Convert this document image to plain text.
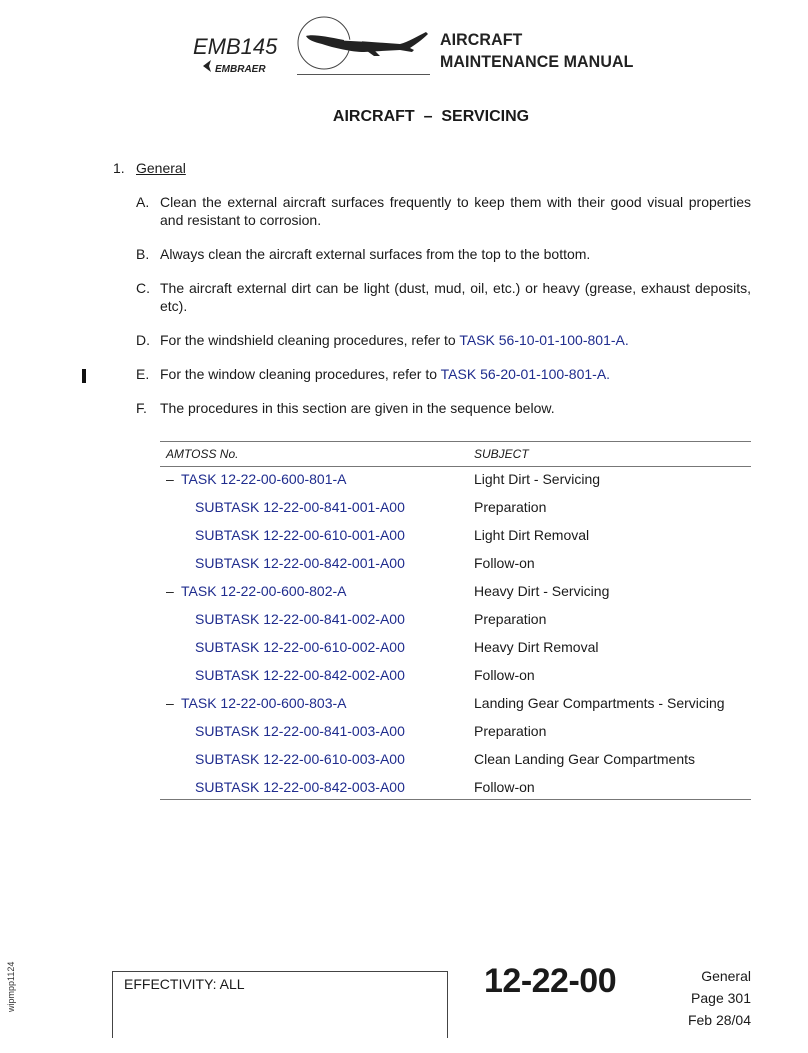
EMB145
EMBRAER
AIRCRAFT
MAINTENANCE MANUAL
AIRCRAFT  –  SERVICING
1. General
A. Clean the external aircraft surfaces frequently to keep them with their good visual properties and resistant to corrosion.
B. Always clean the aircraft external surfaces from the top to the bottom.
C. The aircraft external dirt can be light (dust, mud, oil, etc.) or heavy (grease, exhaust deposits, etc).
D. For the windshield cleaning procedures, refer to TASK 56-10-01-100-801-A.
E. For the window cleaning procedures, refer to TASK 56-20-01-100-801-A.
F. The procedures in this section are given in the sequence below.
AMTOSS No.	SUBJECT
– TASK 12-22-00-600-801-A	Light Dirt - Servicing
SUBTASK 12-22-00-841-001-A00	Preparation
SUBTASK 12-22-00-610-001-A00	Light Dirt Removal
SUBTASK 12-22-00-842-001-A00	Follow-on
– TASK 12-22-00-600-802-A	Heavy Dirt - Servicing
SUBTASK 12-22-00-841-002-A00	Preparation
SUBTASK 12-22-00-610-002-A00	Heavy Dirt Removal
SUBTASK 12-22-00-842-002-A00	Follow-on
– TASK 12-22-00-600-803-A	Landing Gear Compartments - Servicing
SUBTASK 12-22-00-841-003-A00	Preparation
SUBTASK 12-22-00-610-003-A00	Clean Landing Gear Compartments
SUBTASK 12-22-00-842-003-A00	Follow-on
EFFECTIVITY: ALL	12-22-00	General
Page 301
Feb 28/04
wipmpp1124
